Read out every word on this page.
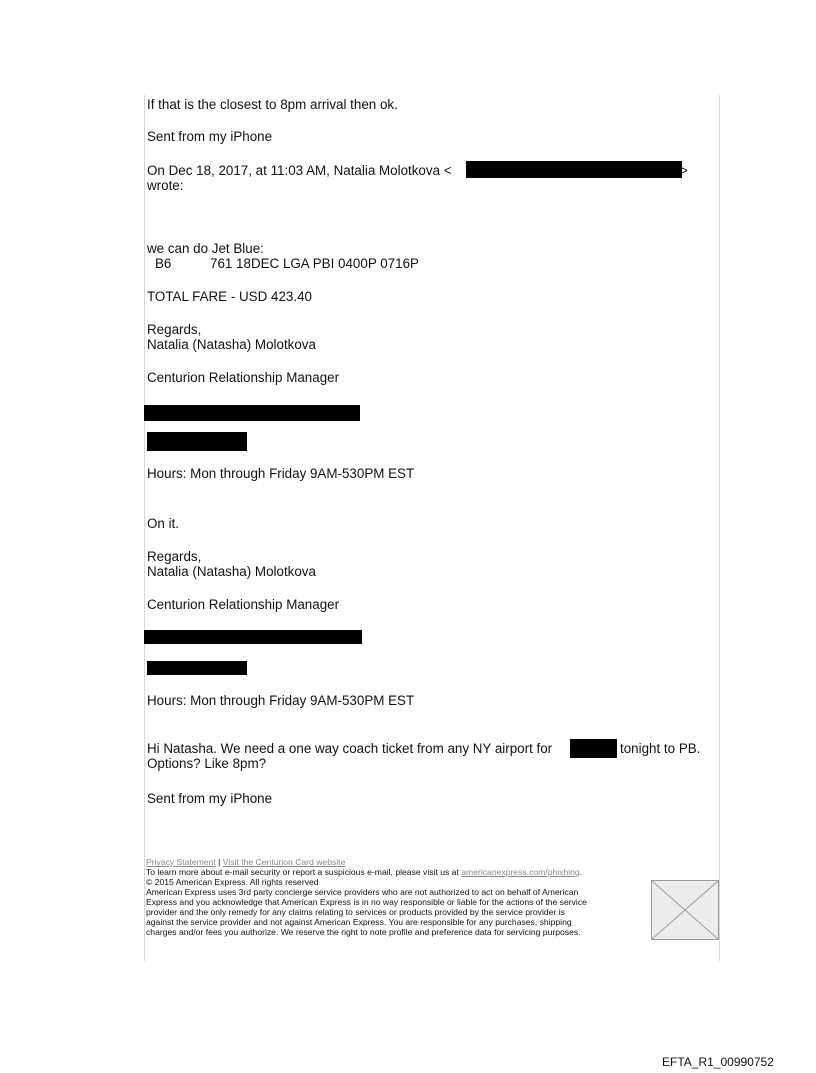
If that is the closest to 8pm arrival then ok.
Sent from my iPhone
On Dec 18, 2017, at 11:03 AM, Natalia Molotkova <	>
wrote:
we can do Jet Blue:
B6	761 18DEC LGA PBI 0400P 0716P
TOTAL FARE - USD 423.40
Regards,
Natalia (Natasha) Molotkova
Centurion Relationship Manager
Hours: Mon through Friday 9AM-530PM EST
On it.
Regards,
Natalia (Natasha) Molotkova
Centurion Relationship Manager
Hours: Mon through Friday 9AM-530PM EST
Hi Natasha. We need a one way coach ticket from any NY airport for	tonight to PB.
Options? Like 8pm?
Sent from my iPhone
Privacy Statement | Visit the Centurion Card website
To learn more about e-mail security or report a suspicious e-mail, please visit us at americanexpress.com/phishing.
© 2015 American Express. All rights reserved
American Express uses 3rd party concierge service providers who are not authorized to act on behalf of American
Express and you acknowledge that American Express is in no way responsible or liable for the actions of the service
provider and the only remedy for any claims relating to services or products provided by the service provider is
against the service provider and not against American Express. You are responsible for any purchases, shipping
charges and/or fees you authorize. We reserve the right to note profile and preference data for servicing purposes.
EFTA_R1_00990752
